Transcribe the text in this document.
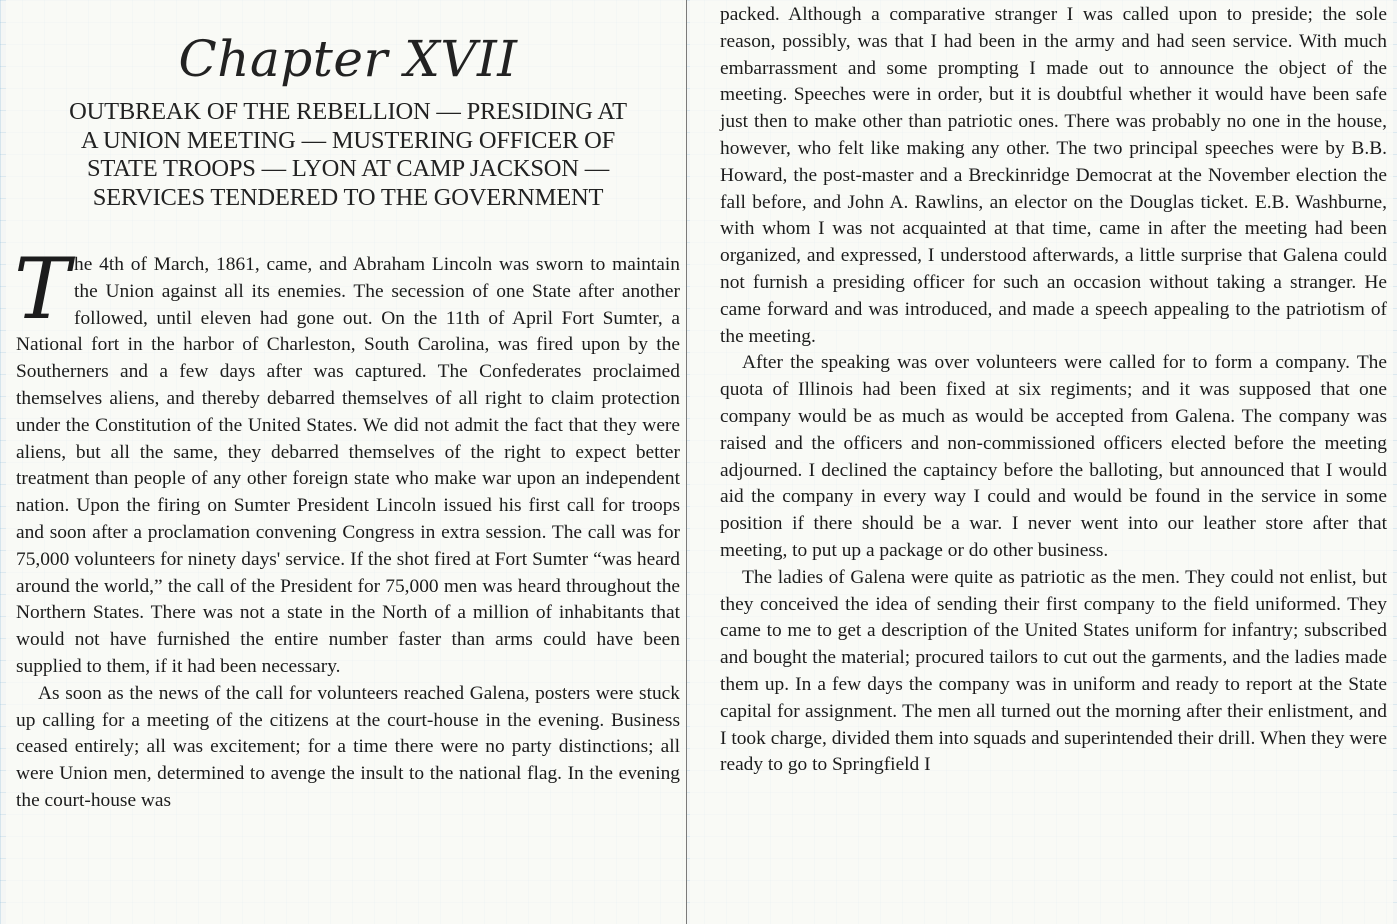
Chapter XVII
OUTBREAK OF THE REBELLION — PRESIDING AT
A UNION MEETING — MUSTERING OFFICER OF
STATE TROOPS — LYON AT CAMP JACKSON —
SERVICES TENDERED TO THE GOVERNMENT

The 4th of March, 1861, came, and Abraham Lincoln was sworn to maintain the Union against all its enemies. The secession of one State after another followed, until eleven had gone out. On the 11th of April Fort Sumter, a National fort in the harbor of Charleston, South Carolina, was fired upon by the Southerners and a few days after was captured. The Confederates proclaimed themselves aliens, and thereby debarred themselves of all right to claim protection under the Constitution of the United States. We did not admit the fact that they were aliens, but all the same, they debarred themselves of the right to expect better treatment than people of any other foreign state who make war upon an independent nation. Upon the firing on Sumter President Lincoln issued his first call for troops and soon after a proclamation convening Congress in extra session. The call was for 75,000 volunteers for ninety days' service. If the shot fired at Fort Sumter “was heard around the world,” the call of the President for 75,000 men was heard throughout the Northern States. There was not a state in the North of a million of inhabitants that would not have furnished the entire number faster than arms could have been supplied to them, if it had been necessary.

As soon as the news of the call for volunteers reached Galena, posters were stuck up calling for a meeting of the citizens at the court-house in the evening. Business ceased entirely; all was excitement; for a time there were no party distinctions; all were Union men, determined to avenge the insult to the national flag. In the evening the court-house was

packed. Although a comparative stranger I was called upon to preside; the sole reason, possibly, was that I had been in the army and had seen service. With much embarrassment and some prompting I made out to announce the object of the meeting. Speeches were in order, but it is doubtful whether it would have been safe just then to make other than patriotic ones. There was probably no one in the house, however, who felt like making any other. The two principal speeches were by B.B. Howard, the post-master and a Breckinridge Democrat at the November election the fall before, and John A. Rawlins, an elector on the Douglas ticket. E.B. Washburne, with whom I was not acquainted at that time, came in after the meeting had been organized, and expressed, I understood afterwards, a little surprise that Galena could not furnish a presiding officer for such an occasion without taking a stranger. He came forward and was introduced, and made a speech appealing to the patriotism of the meeting.

After the speaking was over volunteers were called for to form a company. The quota of Illinois had been fixed at six regiments; and it was supposed that one company would be as much as would be accepted from Galena. The company was raised and the officers and non-commissioned officers elected before the meeting adjourned. I declined the captaincy before the balloting, but announced that I would aid the company in every way I could and would be found in the service in some position if there should be a war. I never went into our leather store after that meeting, to put up a package or do other business.

The ladies of Galena were quite as patriotic as the men. They could not enlist, but they conceived the idea of sending their first company to the field uniformed. They came to me to get a description of the United States uniform for infantry; subscribed and bought the material; procured tailors to cut out the garments, and the ladies made them up. In a few days the company was in uniform and ready to report at the State capital for assignment. The men all turned out the morning after their enlistment, and I took charge, divided them into squads and superintended their drill. When they were ready to go to Springfield I
